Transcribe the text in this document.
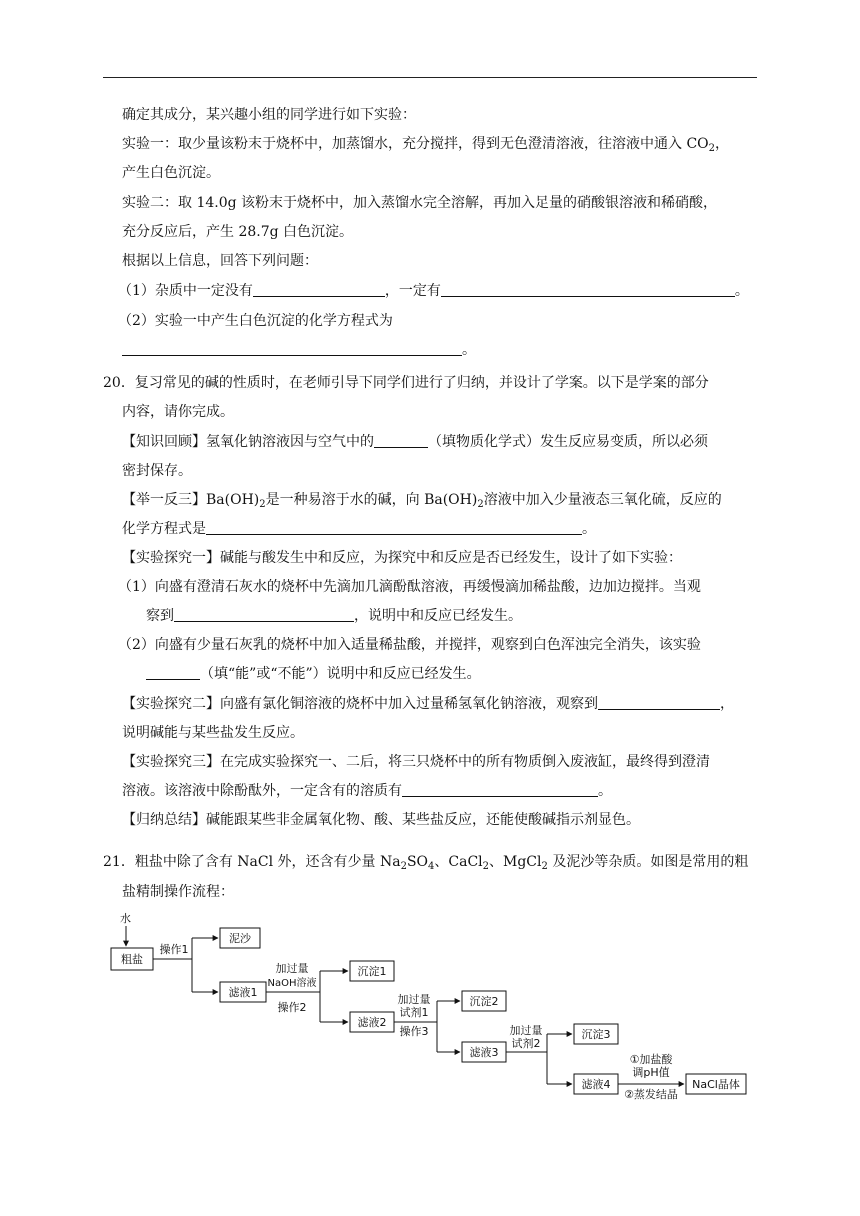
确定其成分，某兴趣小组的同学进行如下实验：
实验一：取少量该粉末于烧杯中，加蒸馏水，充分搅拌，得到无色澄清溶液，往溶液中通入 $CO_2$，
产生白色沉淀。
实验二：取 14.0g 该粉末于烧杯中，加入蒸馏水完全溶解，再加入足量的硝酸银溶液和稀硝酸，
充分反应后，产生 28.7g 白色沉淀。
根据以上信息，回答下列问题：
（1）杂质中一定没有	，一定有	。
（2）实验一中产生白色沉淀的化学方程式为
。
20．复习常见的碱的性质时，在老师引导下同学们进行了归纳，并设计了学案。以下是学案的部分
内容，请你完成。
【知识回顾】氢氧化钠溶液因与空气中的	（填物质化学式）发生反应易变质，所以必须
密封保存。
【举一反三】$Ba(OH)_2$是一种易溶于水的碱，向 $Ba(OH)_2$溶液中加入少量液态三氧化硫，反应的
化学方程式是	。
【实验探究一】碱能与酸发生中和反应，为探究中和反应是否已经发生，设计了如下实验：
（1）向盛有澄清石灰水的烧杯中先滴加几滴酚酞溶液，再缓慢滴加稀盐酸，边加边搅拌。当观
察到	，说明中和反应已经发生。
（2）向盛有少量石灰乳的烧杯中加入适量稀盐酸，并搅拌，观察到白色浑浊完全消失，该实验
（填“能”或“不能”）说明中和反应已经发生。
【实验探究二】向盛有氯化铜溶液的烧杯中加入过量稀氢氧化钠溶液，观察到	，
说明碱能与某些盐发生反应。
【实验探究三】在完成实验探究一、二后，将三只烧杯中的所有物质倒入废液缸，最终得到澄清
溶液。该溶液中除酚酞外，一定含有的溶质有	。
【归纳总结】碱能跟某些非金属氧化物、酸、某些盐反应，还能使酸碱指示剂显色。
21．粗盐中除了含有 NaCl 外，还含有少量 $Na_2SO_4$、CaCl$_2$、MgCl$_2$ 及泥沙等杂质。如图是常用的粗
盐精制操作流程：
水
粗盐
操作1
泥沙
滤液1
加过量
NaOH溶液
操作2
沉淀1
滤液2
加过量
试剂1
操作3
沉淀2
滤液3
加过量
试剂2
沉淀3
滤液4
①加盐酸
调pH值
②蒸发结晶
NaCl晶体
